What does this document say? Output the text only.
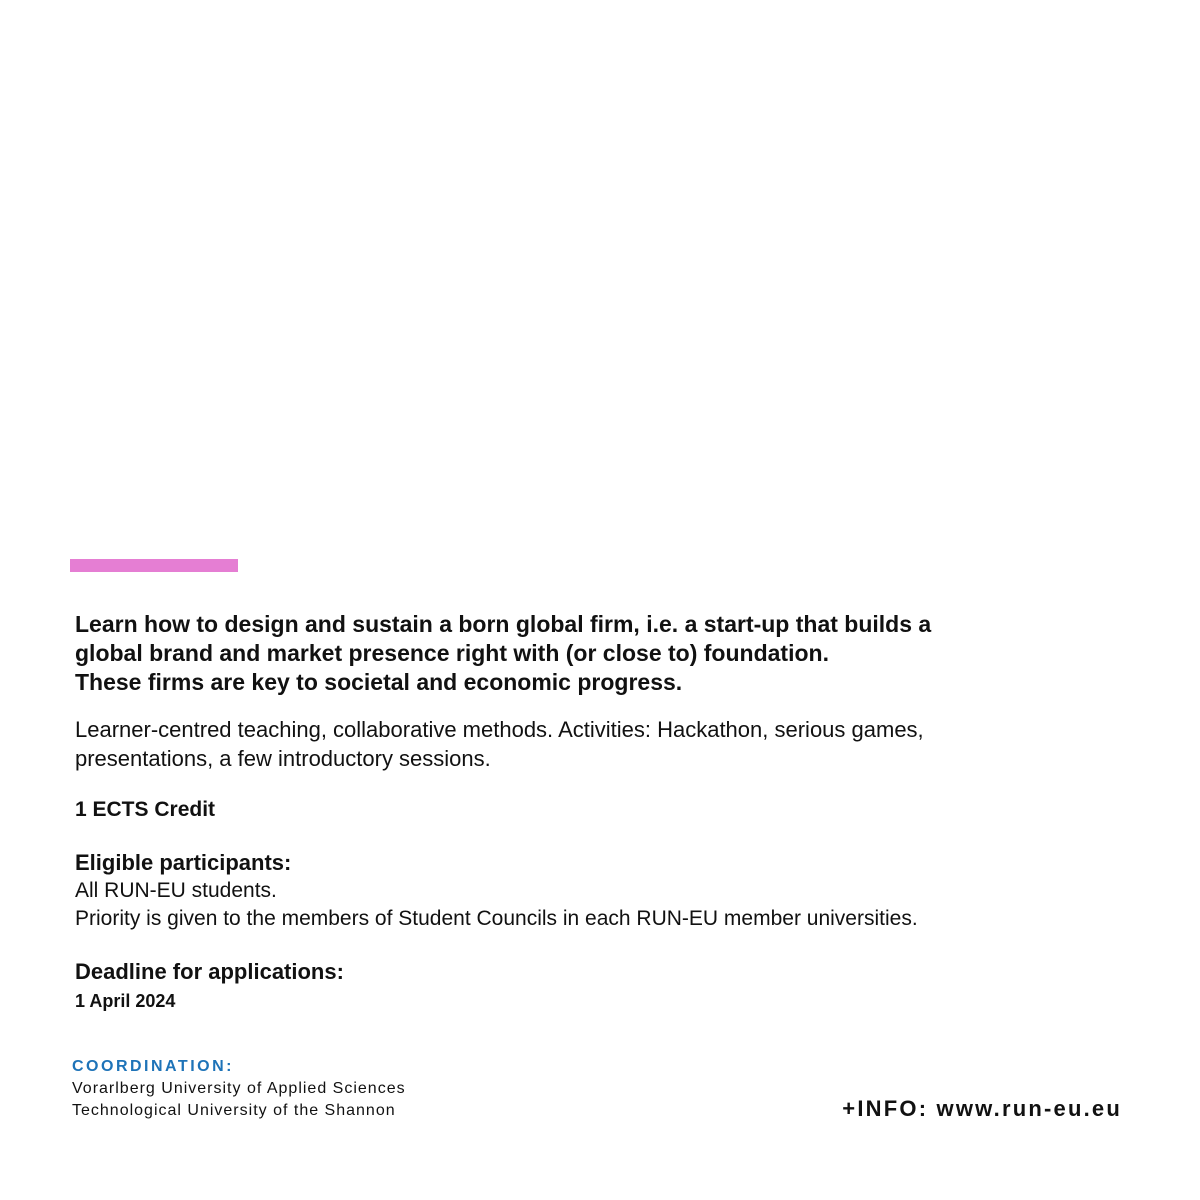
Learn how to design and sustain a born global firm, i.e. a start-up that builds a
global brand and market presence right with (or close to) foundation.
These firms are key to societal and economic progress.

Learner-centred teaching, collaborative methods. Activities: Hackathon, serious games, presentations, a few introductory sessions.

1 ECTS Credit

Eligible participants:

All RUN-EU students.

Priority is given to the members of Student Councils in each RUN-EU member universities.

Deadline for applications:

1 April 2024

COORDINATION:
Vorarlberg University of Applied Sciences
Technological University of the Shannon	+INFO: www.run-eu.eu
